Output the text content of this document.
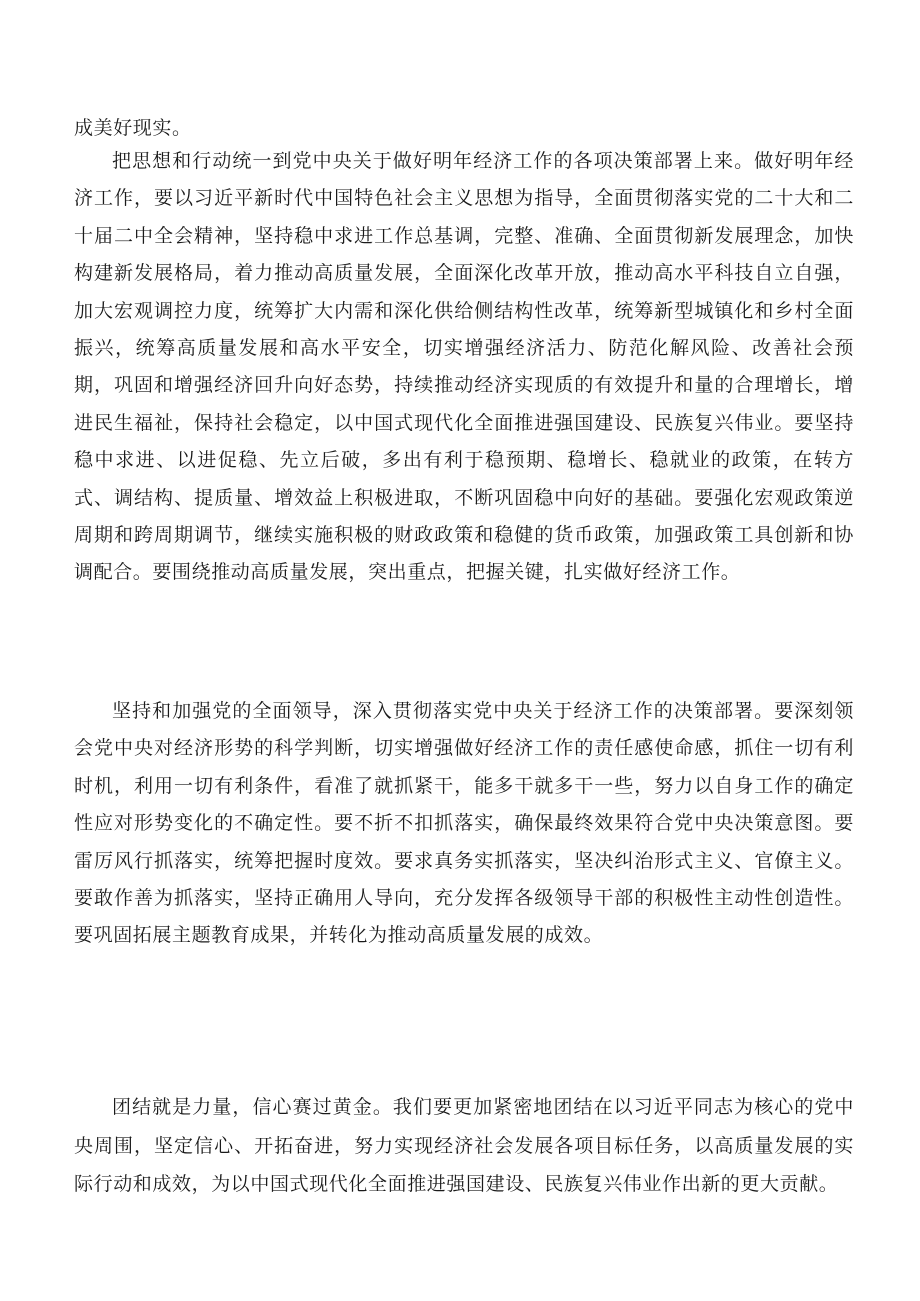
成美好现实。

把思想和行动统一到党中央关于做好明年经济工作的各项决策部署上来。做好明年经济工作，要以习近平新时代中国特色社会主义思想为指导，全面贯彻落实党的二十大和二十届二中全会精神，坚持稳中求进工作总基调，完整、准确、全面贯彻新发展理念，加快构建新发展格局，着力推动高质量发展，全面深化改革开放，推动高水平科技自立自强，加大宏观调控力度，统筹扩大内需和深化供给侧结构性改革，统筹新型城镇化和乡村全面振兴，统筹高质量发展和高水平安全，切实增强经济活力、防范化解风险、改善社会预期，巩固和增强经济回升向好态势，持续推动经济实现质的有效提升和量的合理增长，增进民生福祉，保持社会稳定，以中国式现代化全面推进强国建设、民族复兴伟业。要坚持稳中求进、以进促稳、先立后破，多出有利于稳预期、稳增长、稳就业的政策，在转方式、调结构、提质量、增效益上积极进取，不断巩固稳中向好的基础。要强化宏观政策逆周期和跨周期调节，继续实施积极的财政政策和稳健的货币政策，加强政策工具创新和协调配合。要围绕推动高质量发展，突出重点，把握关键，扎实做好经济工作。

坚持和加强党的全面领导，深入贯彻落实党中央关于经济工作的决策部署。要深刻领会党中央对经济形势的科学判断，切实增强做好经济工作的责任感使命感，抓住一切有利时机，利用一切有利条件，看准了就抓紧干，能多干就多干一些，努力以自身工作的确定性应对形势变化的不确定性。要不折不扣抓落实，确保最终效果符合党中央决策意图。要雷厉风行抓落实，统筹把握时度效。要求真务实抓落实，坚决纠治形式主义、官僚主义。要敢作善为抓落实，坚持正确用人导向，充分发挥各级领导干部的积极性主动性创造性。要巩固拓展主题教育成果，并转化为推动高质量发展的成效。

团结就是力量，信心赛过黄金。我们要更加紧密地团结在以习近平同志为核心的党中央周围，坚定信心、开拓奋进，努力实现经济社会发展各项目标任务，以高质量发展的实际行动和成效，为以中国式现代化全面推进强国建设、民族复兴伟业作出新的更大贡献。
